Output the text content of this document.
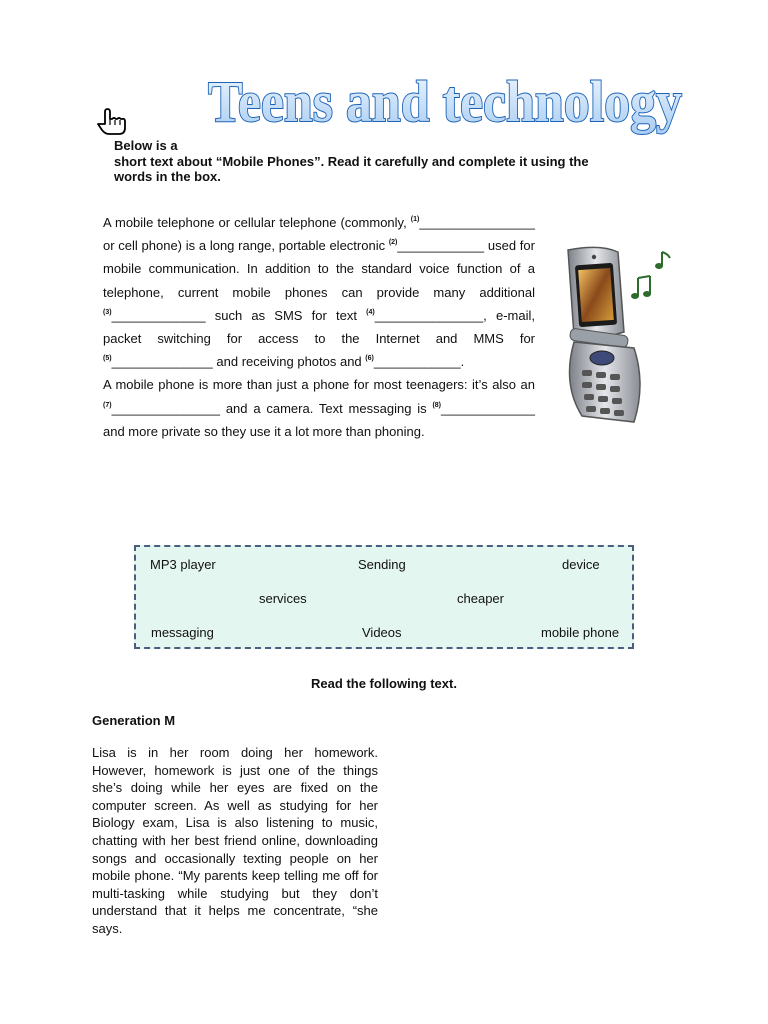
Teens and technology
Below is a
short text about “Mobile Phones”. Read it carefully and complete it using the
words in the box.

A mobile telephone or cellular telephone (commonly, $^{(1)}$________________ or cell phone) is a long range, portable electronic $^{(2)}$____________ used for mobile communication. In addition to the standard voice function of a telephone, current mobile phones can provide many additional $^{(3)}$_____________ such as SMS for text $^{(4)}$_______________, e-mail, packet switching for access to the Internet and MMS for $^{(5)}$______________ and receiving photos and $^{(6)}$____________.

A mobile phone is more than just a phone for most teenagers: it’s also an $^{(7)}$_______________ and a camera. Text messaging is $^{(8)}$_____________ and more private so they use it a lot more than phoning.

MP3 player	Sending	device
services	cheaper
messaging	Videos	mobile phone
Read the following text.
Generation M

Lisa is in her room doing her homework. However, homework is just one of the things she’s doing while her eyes are fixed on the computer screen. As well as studying for her Biology exam, Lisa is also listening to music, chatting with her best friend online, downloading songs and occasionally texting people on her mobile phone. “My parents keep telling me off for multi-tasking while studying but they don’t understand that it helps me concentrate, “she says.
